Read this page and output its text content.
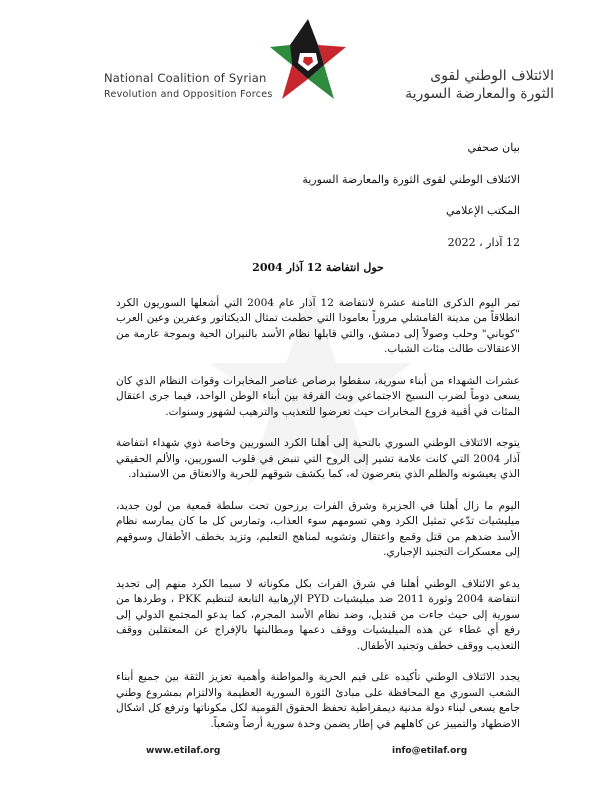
National Coalition of Syrian
Revolution and Opposition Forces
الائتلاف الوطني لقوى
الثورة والمعارضة السورية
بيان صحفي
الائتلاف الوطني لقوى الثورة والمعارضة السورية
المكتب الإعلامي
12 آذار ، 2022
حول انتفاضة 12 آذار 2004

تمر اليوم الذكرى الثامنة عشرة لانتفاضة 12 آذار عام 2004 التي أشعلها السوريون الكرد انطلاقاً من مدينة القامشلي مروراً بعامودا التي حطمت تمثال الديكتاتور وعفرين وعين العرب "كوباني" وحلب وصولاً إلى دمشق، والتي قابلها نظام الأسد بالنيران الحية وبموجة عارمة من الاعتقالات طالت مئات الشباب.

عشرات الشهداء من أبناء سورية، سقطوا برصاص عناصر المخابرات وقوات النظام الذي كان يسعى دوماً لضرب النسيج الاجتماعي وبث الفرقة بين أبناء الوطن الواحد، فيما جرى اعتقال المئات في أقبية فروع المخابرات حيث تعرضوا للتعذيب والترهيب لشهور وسنوات.

يتوجه الائتلاف الوطني السوري بالتحية إلى أهلنا الكرد السوريين وخاصة ذوي شهداء انتفاضة آذار 2004 التي كانت علامة تشير إلى الروح التي تنبض في قلوب السوريين، والألم الحقيقي الذي يعيشونه والظلم الذي يتعرضون له، كما يكشف شوقهم للحرية والانعتاق من الاستبداد.

اليوم ما زال أهلنا في الجزيرة وشرق الفرات يرزحون تحت سلطة قمعية من لون جديد، ميليشيات تدّعي تمثيل الكرد وهي تسومهم سوء العذاب، وتمارس كل ما كان يمارسه نظام الأسد ضدهم من قتل وقمع واعتقال وتشويه لمناهج التعليم، وتزيد بخطف الأطفال وسوقهم إلى معسكرات التجنيد الإجباري.

يدعو الائتلاف الوطني أهلنا في شرق الفرات بكل مكوناته لا سيما الكرد منهم إلى تجديد انتفاضة 2004 وثورة 2011 ضد ميليشيات PYD الإرهابية التابعة لتنظيم PKK ، وطردها من سورية إلى حيث جاءت من قنديل، وضد نظام الأسد المجرم، كما يدعو المجتمع الدولي إلى رفع أي غطاء عن هذه الميليشيات ووقف دعمها ومطالبتها بالإفراج عن المعتقلين ووقف التعذيب ووقف خطف وتجنيد الأطفال.

يجدد الائتلاف الوطني تأكيده على قيم الحرية والمواطنة وأهمية تعزيز الثقة بين جميع أبناء الشعب السوري مع المحافظة على مبادئ الثورة السورية العظيمة والالتزام بمشروع وطني جامع يسعى لبناء دولة مدنية ديمقراطية تحفظ الحقوق القومية لكل مكوناتها وترفع كل اشكال الاضطهاد والتمييز عن كاهلهم في إطار يضمن وحدة سورية أرضاً وشعباً.

www.etilaf.org	info@etilaf.org
